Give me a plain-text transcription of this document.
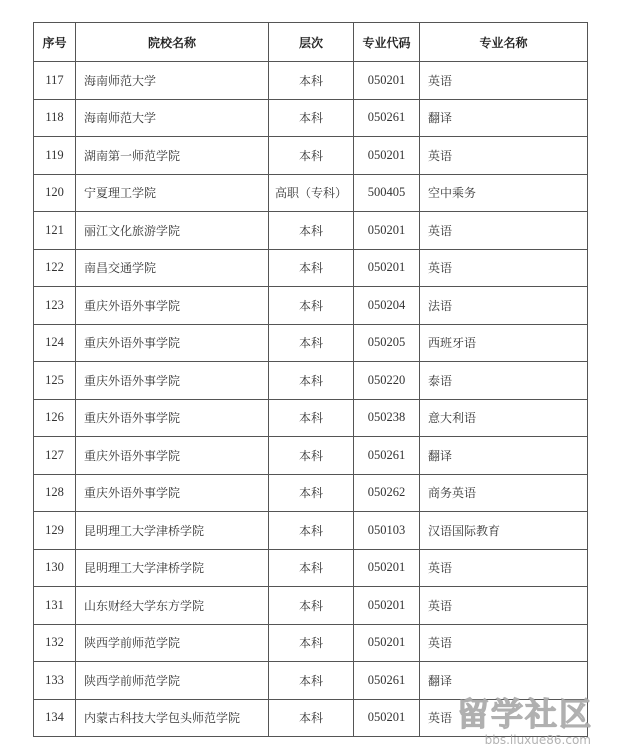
序号	院校名称	层次	专业代码	专业名称
117	海南师范大学	本科	050201	英语
118	海南师范大学	本科	050261	翻译
119	湖南第一师范学院	本科	050201	英语
120	宁夏理工学院	高职（专科）	500405	空中乘务
121	丽江文化旅游学院	本科	050201	英语
122	南昌交通学院	本科	050201	英语
123	重庆外语外事学院	本科	050204	法语
124	重庆外语外事学院	本科	050205	西班牙语
125	重庆外语外事学院	本科	050220	泰语
126	重庆外语外事学院	本科	050238	意大利语
127	重庆外语外事学院	本科	050261	翻译
128	重庆外语外事学院	本科	050262	商务英语
129	昆明理工大学津桥学院	本科	050103	汉语国际教育
130	昆明理工大学津桥学院	本科	050201	英语
131	山东财经大学东方学院	本科	050201	英语
132	陕西学前师范学院	本科	050201	英语
133	陕西学前师范学院	本科	050261	翻译
134	内蒙古科技大学包头师范学院	本科	050201	英语 留学社区
bbs.liuxue86.com
